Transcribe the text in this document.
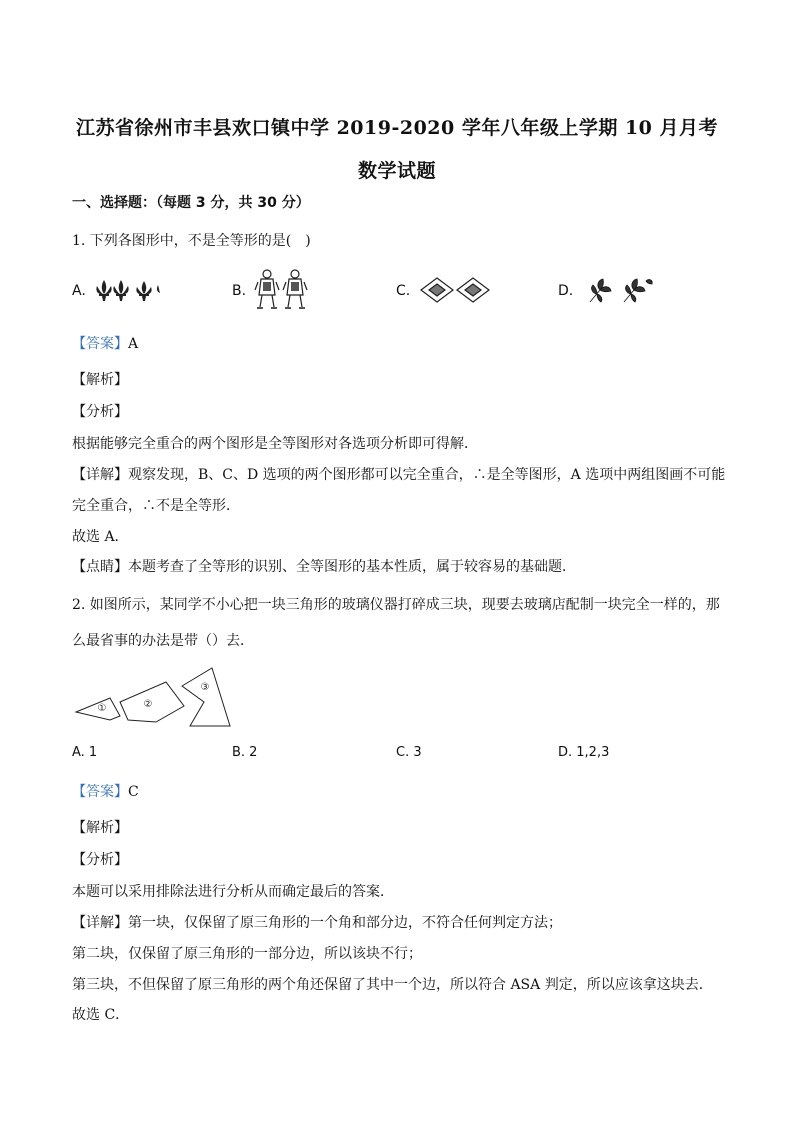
江苏省徐州市丰县欢口镇中学 2019-2020 学年八年级上学期 10 月月考
数学试题
一、选择题：（每题 3 分，共 30 分）
1. 下列各图形中，不是全等形的是(　)
A.	B.	C.	D.
【答案】A
【解析】
【分析】
根据能够完全重合的两个图形是全等图形对各选项分析即可得解．
【详解】观察发现，B、C、D 选项的两个图形都可以完全重合，∴是全等图形，A 选项中两组图画不可能
完全重合，∴不是全等形．
故选 A．
【点睛】本题考查了全等形的识别、全等图形的基本性质，属于较容易的基础题．
2. 如图所示，某同学不小心把一块三角形的玻璃仪器打碎成三块，现要去玻璃店配制一块完全一样的，那
么最省事的办法是带（）去．
①	②
③
A. 1	B. 2	C. 3	D. 1,2,3
【答案】C
【解析】
【分析】
本题可以采用排除法进行分析从而确定最后的答案．
【详解】第一块，仅保留了原三角形的一个角和部分边，不符合任何判定方法；
第二块，仅保留了原三角形的一部分边，所以该块不行；
第三块，不但保留了原三角形的两个角还保留了其中一个边，所以符合 ASA 判定，所以应该拿这块去．
故选 C．
